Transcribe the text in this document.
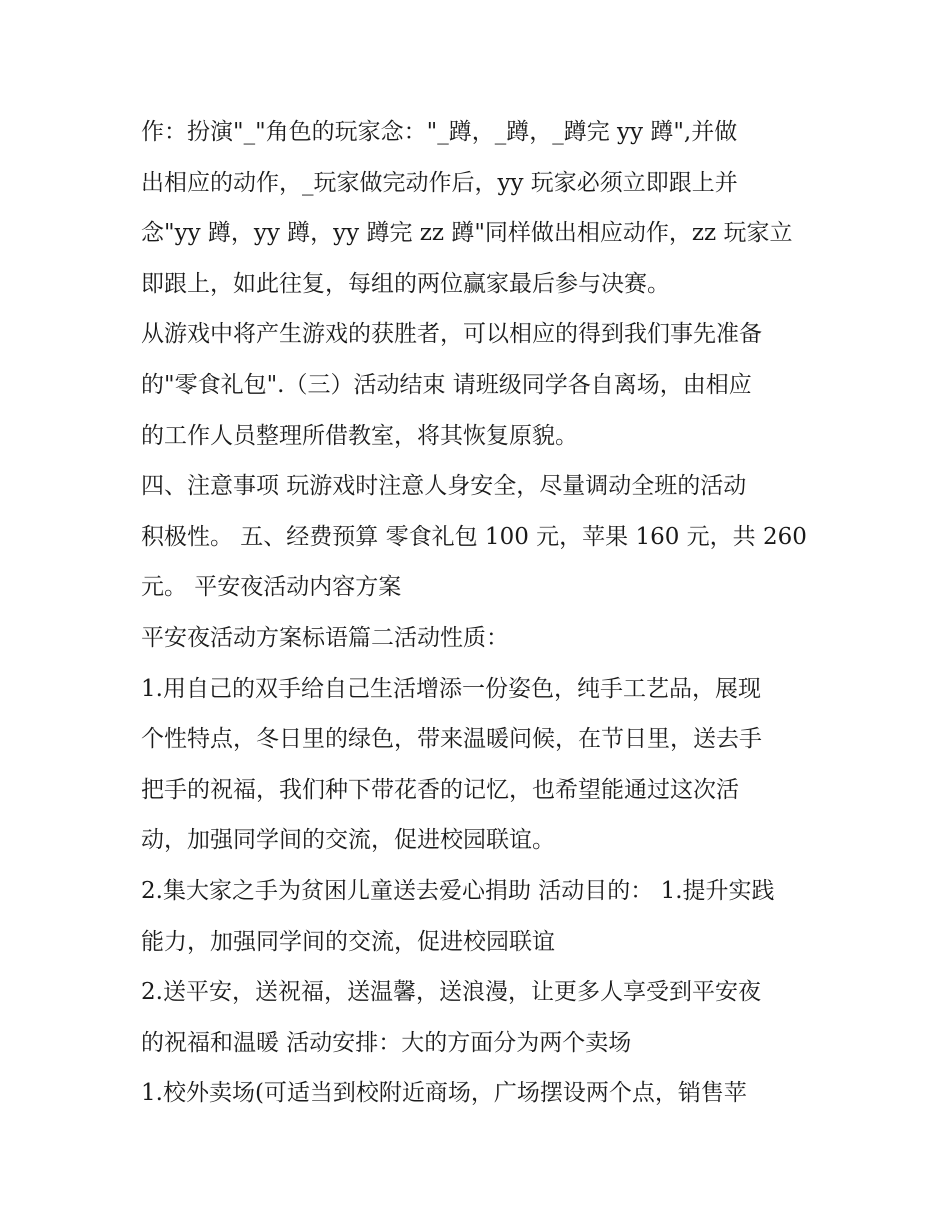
作：扮演"_"角色的玩家念："_蹲，_蹲，_蹲完 yy 蹲",并做
出相应的动作，_玩家做完动作后，yy 玩家必须立即跟上并
念"yy 蹲，yy 蹲，yy 蹲完 zz 蹲"同样做出相应动作，zz 玩家立
即跟上，如此往复，每组的两位赢家最后参与决赛。

从游戏中将产生游戏的获胜者，可以相应的得到我们事先准备
的"零食礼包".（三）活动结束 请班级同学各自离场，由相应
的工作人员整理所借教室，将其恢复原貌。

四、注意事项 玩游戏时注意人身安全，尽量调动全班的活动
积极性。 五、经费预算 零食礼包 100 元，苹果 160 元，共 260
元。 平安夜活动内容方案

平安夜活动方案标语篇二活动性质：

1.用自己的双手给自己生活增添一份姿色，纯手工艺品，展现
个性特点，冬日里的绿色，带来温暖问候，在节日里，送去手
把手的祝福，我们种下带花香的记忆，也希望能通过这次活
动，加强同学间的交流，促进校园联谊。

2.集大家之手为贫困儿童送去爱心捐助 活动目的： 1.提升实践
能力，加强同学间的交流，促进校园联谊

2.送平安，送祝福，送温馨，送浪漫，让更多人享受到平安夜
的祝福和温暖 活动安排：大的方面分为两个卖场

1.校外卖场(可适当到校附近商场，广场摆设两个点，销售苹
